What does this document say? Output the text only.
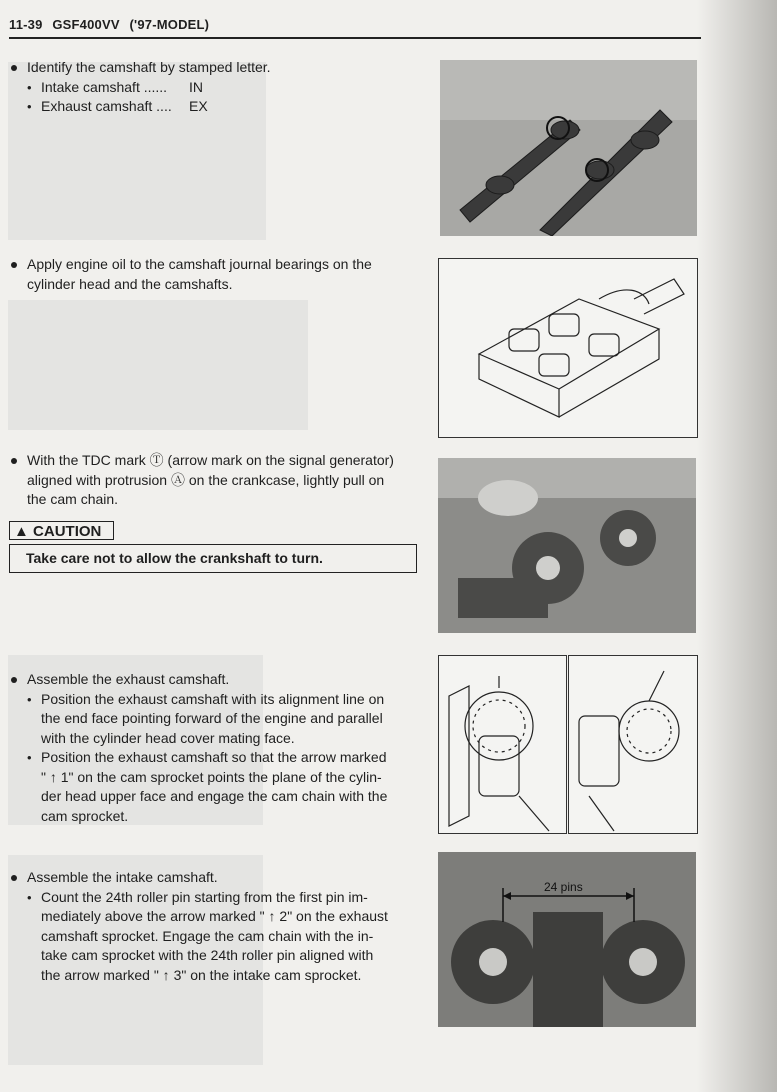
11-39 GSF400VV ('97-MODEL)
Identify the camshaft by stamped letter.
• Intake camshaft ......	IN
• Exhaust camshaft ....	EX
Apply engine oil to the camshaft journal bearings on the
cylinder head and the camshafts.
With the TDC mark Ⓣ (arrow mark on the signal generator)
aligned with protrusion Ⓐ on the crankcase, lightly pull on
the cam chain.
▲ CAUTION
Take care not to allow the crankshaft to turn.
Assemble the exhaust camshaft.
• Position the exhaust camshaft with its alignment line on
the end face pointing forward of the engine and parallel
with the cylinder head cover mating face.
• Position the exhaust camshaft so that the arrow marked
" ↑ 1" on the cam sprocket points the plane of the cylin-
der head upper face and engage the cam chain with the
cam sprocket.
Assemble the intake camshaft.
• Count the 24th roller pin starting from the first pin im-
mediately above the arrow marked " ↑ 2" on the exhaust
camshaft sprocket. Engage the cam chain with the in-
take cam sprocket with the 24th roller pin aligned with
the arrow marked " ↑ 3" on the intake cam sprocket.
24 pins
